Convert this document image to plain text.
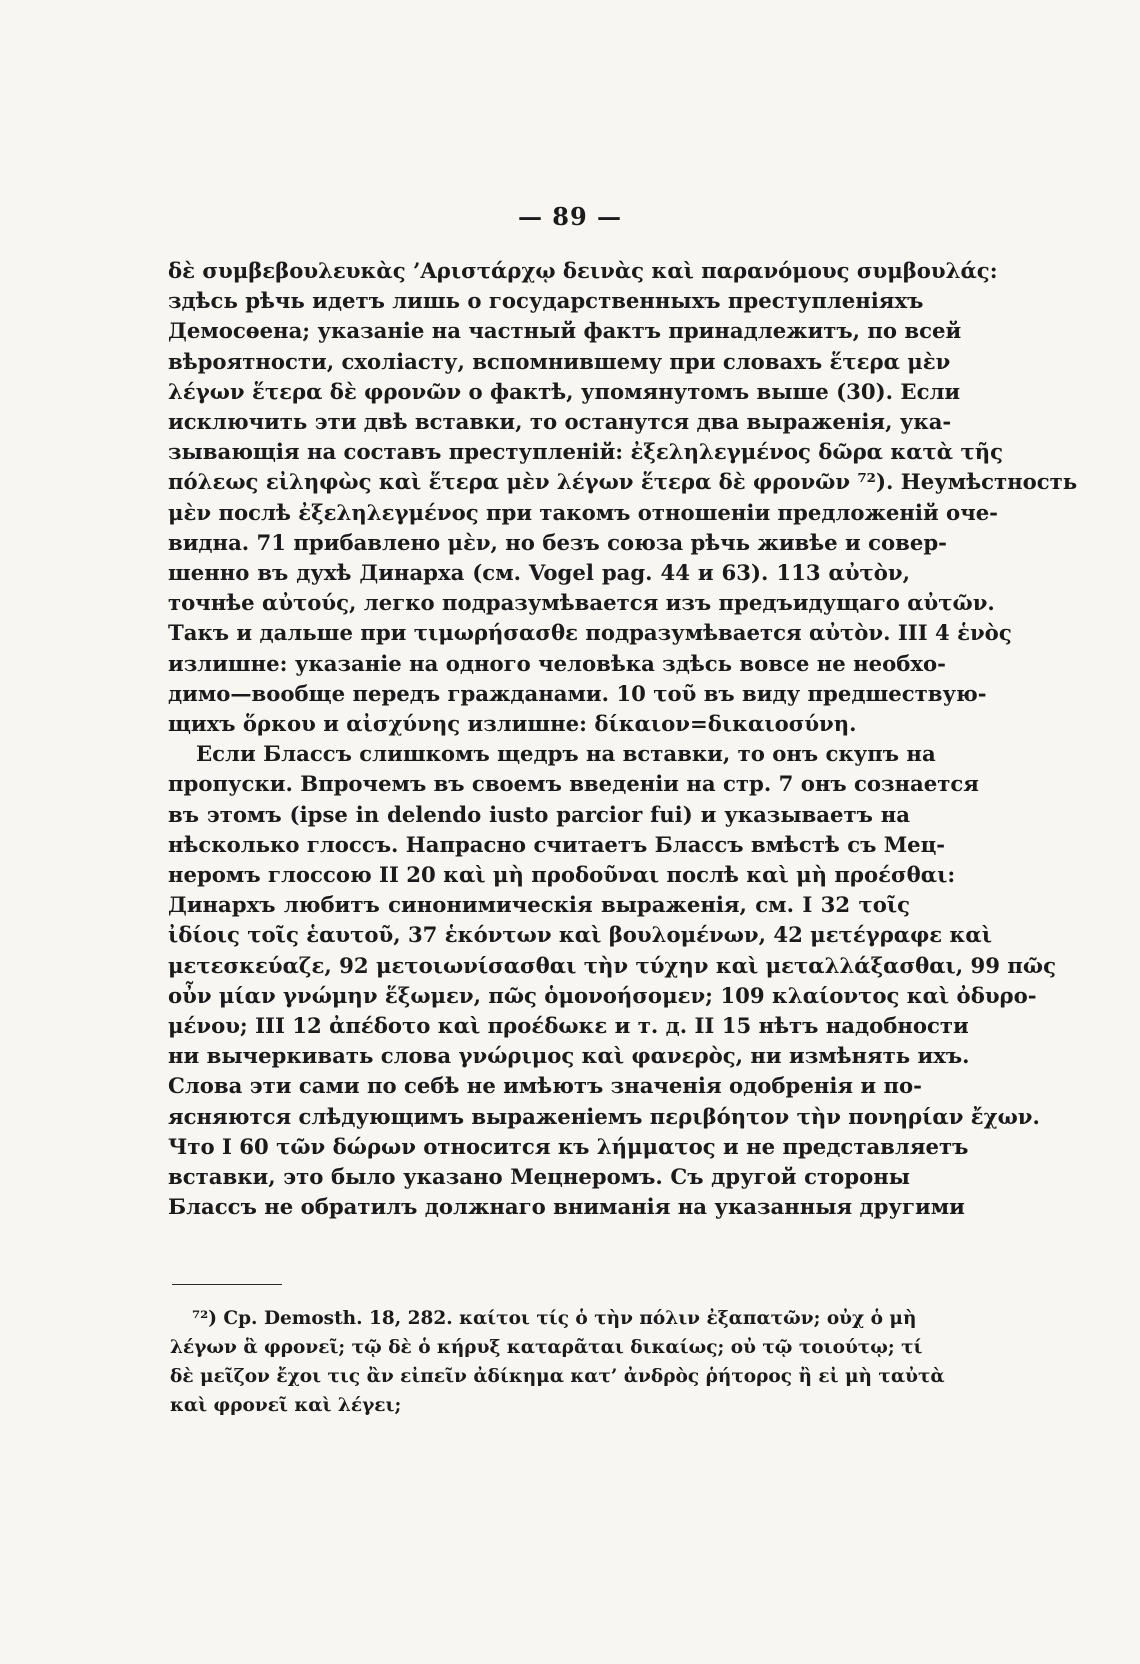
— 89 —
δὲ συμβεβουλευκὰς ’Αριστάρχῳ δεινὰς καὶ παρανόμους συμβουλάς:
здѣсь рѣчь идетъ лишь о государственныхъ преступленіяхъ
Демосѳена; указаніе на частный фактъ принадлежитъ, по всей
вѣроятности, схоліасту, вспомнившему при словахъ ἕτερα μὲν
λέγων ἕτερα δὲ φρονῶν о фактѣ, упомянутомъ выше (30). Если
исключить эти двѣ вставки, то останутся два выраженія, ука-
зывающія на составъ преступленій: ἐξεληλεγμένος δῶρα κατὰ τῆς
πόλεως εἰληφὼς καὶ ἕτερα μὲν λέγων ἕτερα δὲ φρονῶν ⁷²). Неумѣстность
μὲν послѣ ἐξεληλεγμένος при такомъ отношеніи предложеній оче-
видна. 71 прибавлено μὲν, но безъ союза рѣчь живѣе и совер-
шенно въ духѣ Динарха (см. Vogel pag. 44 и 63). 113 αὐτὸν,
точнѣе αὐτούς, легко подразумѣвается изъ предъидущаго αὐτῶν.
Такъ и дальше при τιμωρήσασθε подразумѣвается αὐτὸν. III 4 ἑνὸς
излишне: указаніе на одного человѣка здѣсь вовсе не необхо-
димо—вообще передъ гражданами. 10 τοῦ въ виду предшествую-
щихъ ὅρκου и αἰσχύνης излишне: δίκαιον=δικαιοσύνη.
Если Блассъ слишкомъ щедръ на вставки, то онъ скупъ на
пропуски. Впрочемъ въ своемъ введеніи на стр. 7 онъ сознается
въ этомъ (ipse in delendo iusto parcior fui) и указываетъ на
нѣсколько глоссъ. Напрасно считаетъ Блассъ вмѣстѣ съ Мец-
неромъ глоссою II 20 καὶ μὴ προδοῦναι послѣ καὶ μὴ προέσθαι:
Динархъ любитъ синонимическія выраженія, см. I 32 τοῖς
ἰδίοις τοῖς ἑαυτοῦ, 37 ἑκόντων καὶ βουλομένων, 42 μετέγραφε καὶ
μετεσκεύαζε, 92 μετοιωνίσασθαι τὴν τύχην καὶ μεταλλάξασθαι, 99 πῶς
οὖν μίαν γνώμην ἕξωμεν, πῶς ὁμονοήσομεν; 109 κλαίοντος καὶ ὀδυρο-
μένου; III 12 ἀπέδοτο καὶ προέδωκε и т. д. II 15 нѣтъ надобности
ни вычеркивать слова γνώριμος καὶ φανερὸς, ни измѣнять ихъ.
Слова эти сами по себѣ не имѣютъ значенія одобренія и по-
ясняются слѣдующимъ выраженіемъ περιβόητον τὴν πονηρίαν ἔχων.
Что I 60 τῶν δώρων относится къ λήμματος и не представляетъ
вставки, это было указано Мецнеромъ. Съ другой стороны
Блассъ не обратилъ должнаго вниманія на указанныя другими
⁷²) Cp. Demosth. 18, 282. καίτοι τίς ὁ τὴν πόλιν ἐξαπατῶν; οὐχ ὁ μὴ
λέγων ἃ φρονεῖ; τῷ δὲ ὁ κήρυξ καταρᾶται δικαίως; οὐ τῷ τοιούτῳ; τί
δὲ μεῖζον ἔχοι τις ἂν εἰπεῖν ἀδίκημα κατ’ ἀνδρὸς ῥήτορος ἢ εἰ μὴ ταὐτὰ
καὶ φρονεῖ καὶ λέγει;
